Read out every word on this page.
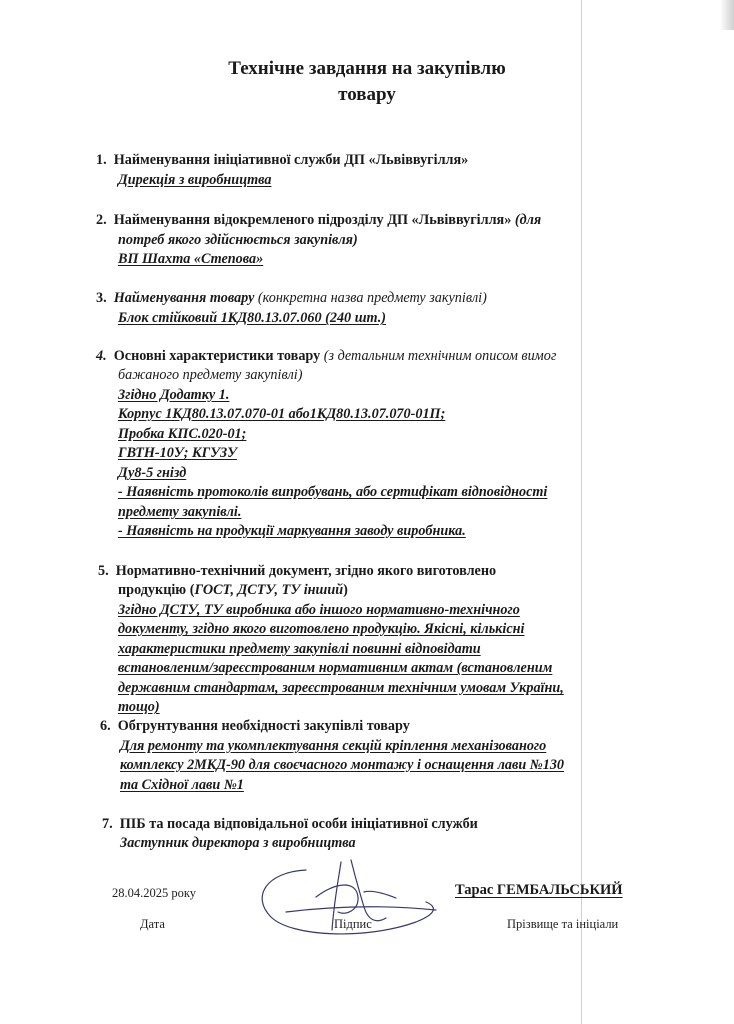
Технічне завдання на закупівлю
товару
1. Найменування ініціативної служби ДП «Львіввугілля»
Дирекція з виробництва
2. Найменування відокремленого підрозділу ДП «Львіввугілля» (для
потреб якого здійснюється закупівля)
ВП Шахта «Степова»
3. Найменування товару (конкретна назва предмету закупівлі)
Блок стійковий 1КД80.13.07.060 (240 шт.)
4. Основні характеристики товару (з детальним технічним описом вимог
бажаного предмету закупівлі)
Згідно Додатку 1.
Корпус 1КД80.13.07.070-01 або1КД80.13.07.070-01П;
Пробка КПС.020-01;
ГВТН-10У; КГУЗУ
Ду8-5 гнізд
- Наявність протоколів випробувань, або сертифікат відповідності
предмету закупівлі.
- Наявність на продукції маркування заводу виробника.
5. Нормативно-технічний документ, згідно якого виготовлено
продукцію (ГОСТ, ДСТУ, ТУ інший)
Згідно ДСТУ, ТУ виробника або іншого нормативно-технічного
документу, згідно якого виготовлено продукцію. Якісні, кількісні
характеристики предмету закупівлі повинні відповідати
встановленим/зареєстрованим нормативним актам (встановленим
державним стандартам, зареєстрованим технічним умовам України,
тощо)
6. Обгрунтування необхідності закупівлі товару
Для ремонту та укомплектування секцій кріплення механізованого
комплексу 2МКД-90 для своєчасного монтажу і оснащення лави №130
та Східної лави №1
7. ПІБ та посада відповідальної особи ініціативної служби
Заступник директора з виробництва
28.04.2025 року
Дата	Підпис
Тарас ГЕМБАЛЬСЬКИЙ
Прізвище та ініціали
